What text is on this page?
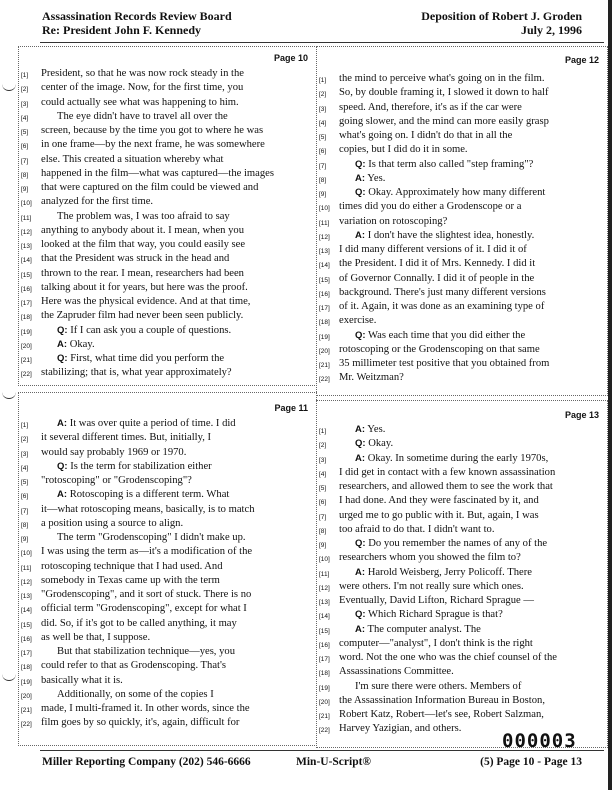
Assassination Records Review Board
Re: President John F. Kennedy
Deposition of Robert J. Groden
July 2, 1996
Page 10
[1] President, so that he was now rock steady in the
[2] center of the image. Now, for the first time, you
[3] could actually see what was happening to him.
[4]	The eye didn't have to travel all over the
[5] screen, because by the time you got to where he was
[6] in one frame—by the next frame, he was somewhere
[7] else. This created a situation whereby what
[8] happened in the film—what was captured—the images
[9] that were captured on the film could be viewed and
[10] analyzed for the first time.
[11] The problem was, I was too afraid to say
[12] anything to anybody about it. I mean, when you
[13] looked at the film that way, you could easily see
[14] that the President was struck in the head and
[15] thrown to the rear. I mean, researchers had been
[16] talking about it for years, but here was the proof.
[17] Here was the physical evidence. And at that time,
[18] the Zapruder film had never been seen publicly.
[19]	Q: If I can ask you a couple of questions.
[20]	A: Okay.
[21]	Q: First, what time did you perform the
[22] stabilizing; that is, what year approximately?
Page 12
[1] the mind to perceive what's going on in the film.
[2] So, by double framing it, I slowed it down to half
[3] speed. And, therefore, it's as if the car were
[4] going slower, and the mind can more easily grasp
[5] what's going on. I didn't do that in all the
[6] copies, but I did do it in some.
[7]	Q: Is that term also called "step framing"?
[8]	A: Yes.
[9]	Q: Okay. Approximately how many different
[10] times did you do either a Grodenscope or a
[11] variation on rotoscoping?
[12]	A: I don't have the slightest idea, honestly.
[13] I did many different versions of it. I did it of
[14] the President. I did it of Mrs. Kennedy. I did it
[15] of Governor Connally. I did it of people in the
[16] background. There's just many different versions
[17] of it. Again, it was done as an examining type of
[18] exercise.
[19]	Q: Was each time that you did either the
[20] rotoscoping or the Grodenscoping on that same
[21] 35 millimeter test positive that you obtained from
[22] Mr. Weitzman?
Page 11
[1]	A: It was over quite a period of time. I did
[2] it several different times. But, initially, I
[3] would say probably 1969 or 1970.
[4]	Q: Is the term for stabilization either
[5] "rotoscoping" or "Grodenscoping"?
[6]	A: Rotoscoping is a different term. What
[7] it—what rotoscoping means, basically, is to match
[8] a position using a source to align.
[9]	The term "Grodenscoping" I didn't make up.
[10] I was using the term as—it's a modification of the
[11] rotoscoping technique that I had used. And
[12] somebody in Texas came up with the term
[13] "Grodenscoping", and it sort of stuck. There is no
[14] official term "Grodenscoping", except for what I
[15] did. So, if it's got to be called anything, it may
[16] as well be that, I suppose.
[17] But that stabilization technique—yes, you
[18] could refer to that as Grodenscoping. That's
[19] basically what it is.
[20] Additionally, on some of the copies I
[21] made, I multi-framed it. In other words, since the
[22] film goes by so quickly, it's, again, difficult for
Page 13
[1]	A: Yes.
[2]	Q: Okay.
[3]	A: Okay. In sometime during the early 1970s,
[4] I did get in contact with a few known assassination
[5] researchers, and allowed them to see the work that
[6] I had done. And they were fascinated by it, and
[7] urged me to go public with it. But, again, I was
[8] too afraid to do that. I didn't want to.
[9]	Q: Do you remember the names of any of the
[10] researchers whom you showed the film to?
[11]	A: Harold Weisberg, Jerry Policoff. There
[12] were others. I'm not really sure which ones.
[13] Eventually, David Lifton, Richard Sprague —
[14]	Q: Which Richard Sprague is that?
[15]	A: The computer analyst. The
[16] computer—"analyst", I don't think is the right
[17] word. Not the one who was the chief counsel of the
[18] Assassinations Committee.
[19] I'm sure there were others. Members of
[20] the Assassination Information Bureau in Boston,
[21] Robert Katz, Robert—let's see, Robert Salzman,
[22] Harvey Yazigian, and others.
000003
Miller Reporting Company (202) 546-6666	Min-U-Script®	(5) Page 10 - Page 13
